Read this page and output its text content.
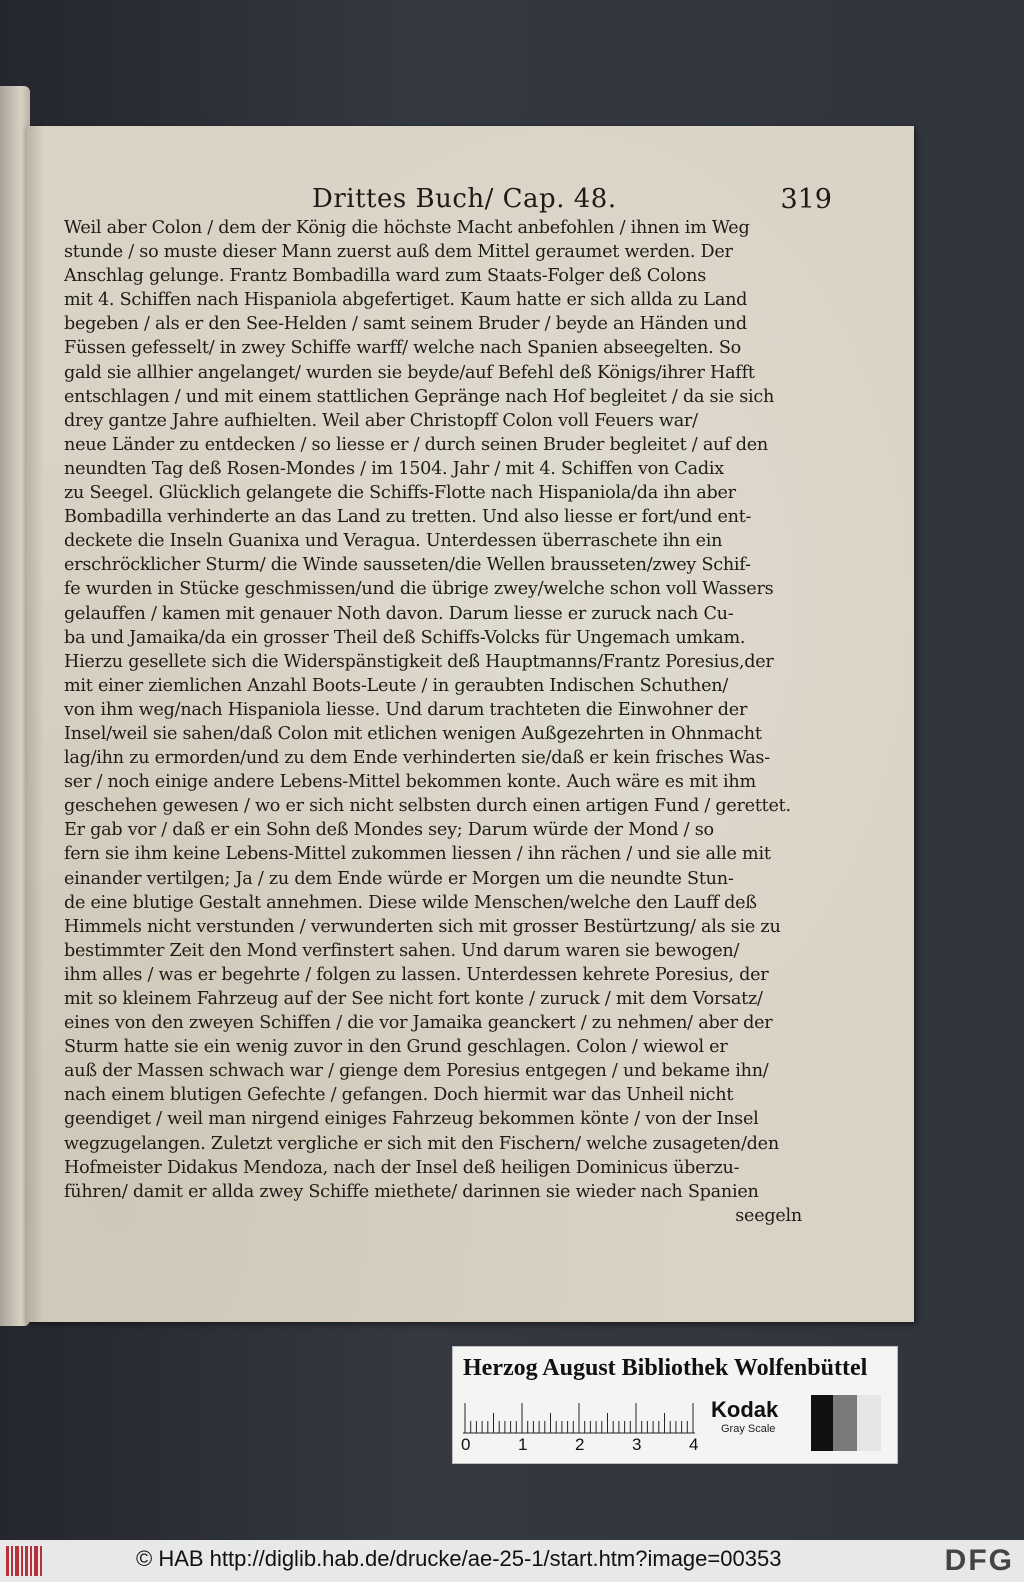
Drittes Buch/ Cap. 48.	319
Weil aber Colon / dem der König die höchste Macht anbefohlen / ihnen im Weg
stunde / so muste dieser Mann zuerst auß dem Mittel geraumet werden. Der
Anschlag gelunge. Frantz Bombadilla ward zum Staats-Folger deß Colons
mit 4. Schiffen nach Hispaniola abgefertiget. Kaum hatte er sich allda zu Land
begeben / als er den See-Helden / samt seinem Bruder / beyde an Händen und
Füssen gefesselt/ in zwey Schiffe warff/ welche nach Spanien abseegelten. So
gald sie allhier angelanget/ wurden sie beyde/auf Befehl deß Königs/ihrer Hafft
entschlagen / und mit einem stattlichen Gepränge nach Hof begleitet / da sie sich
drey gantze Jahre aufhielten. Weil aber Christopff Colon voll Feuers war/
neue Länder zu entdecken / so liesse er / durch seinen Bruder begleitet / auf den
neundten Tag deß Rosen-Mondes / im 1504. Jahr / mit 4. Schiffen von Cadix
zu Seegel. Glücklich gelangete die Schiffs-Flotte nach Hispaniola/da ihn aber
Bombadilla verhinderte an das Land zu tretten. Und also liesse er fort/und ent-
deckete die Inseln Guanixa und Veragua. Unterdessen überraschete ihn ein
erschröcklicher Sturm/ die Winde sausseten/die Wellen brausseten/zwey Schif-
fe wurden in Stücke geschmissen/und die übrige zwey/welche schon voll Wassers
gelauffen / kamen mit genauer Noth davon. Darum liesse er zuruck nach Cu-
ba und Jamaika/da ein grosser Theil deß Schiffs-Volcks für Ungemach umkam.
Hierzu gesellete sich die Widerspänstigkeit deß Hauptmanns/Frantz Poresius,der
mit einer ziemlichen Anzahl Boots-Leute / in geraubten Indischen Schuthen/
von ihm weg/nach Hispaniola liesse. Und darum trachteten die Einwohner der
Insel/weil sie sahen/daß Colon mit etlichen wenigen Außgezehrten in Ohnmacht
lag/ihn zu ermorden/und zu dem Ende verhinderten sie/daß er kein frisches Was-
ser / noch einige andere Lebens-Mittel bekommen konte. Auch wäre es mit ihm
geschehen gewesen / wo er sich nicht selbsten durch einen artigen Fund / gerettet.
Er gab vor / daß er ein Sohn deß Mondes sey; Darum würde der Mond / so
fern sie ihm keine Lebens-Mittel zukommen liessen / ihn rächen / und sie alle mit
einander vertilgen; Ja / zu dem Ende würde er Morgen um die neundte Stun-
de eine blutige Gestalt annehmen. Diese wilde Menschen/welche den Lauff deß
Himmels nicht verstunden / verwunderten sich mit grosser Bestürtzung/ als sie zu
bestimmter Zeit den Mond verfinstert sahen. Und darum waren sie bewogen/
ihm alles / was er begehrte / folgen zu lassen. Unterdessen kehrete Poresius, der
mit so kleinem Fahrzeug auf der See nicht fort konte / zuruck / mit dem Vorsatz/
eines von den zweyen Schiffen / die vor Jamaika geanckert / zu nehmen/ aber der
Sturm hatte sie ein wenig zuvor in den Grund geschlagen. Colon / wiewol er
auß der Massen schwach war / gienge dem Poresius entgegen / und bekame ihn/
nach einem blutigen Gefechte / gefangen. Doch hiermit war das Unheil nicht
geendiget / weil man nirgend einiges Fahrzeug bekommen könte / von der Insel
wegzugelangen. Zuletzt vergliche er sich mit den Fischern/ welche zusageten/den
Hofmeister Didakus Mendoza, nach der Insel deß heiligen Dominicus überzu-
führen/ damit er allda zwey Schiffe miethete/ darinnen sie wieder nach Spanien
seegeln
Herzog August Bibliothek Wolfenbüttel
0	1	2	3	4
Kodak
Gray Scale
© HAB http://diglib.hab.de/drucke/ae-25-1/start.htm?image=00353	DFG
